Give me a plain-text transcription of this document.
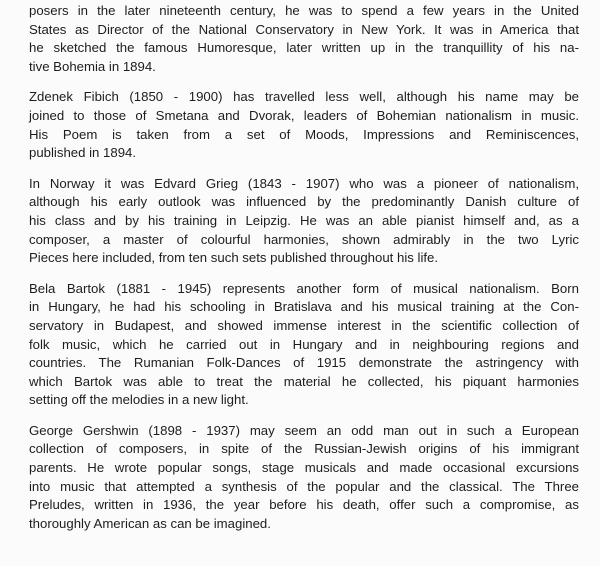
posers in the later nineteenth century, he was to spend a few years in the United
States as Director of the National Conservatory in New York. It was in America that
he sketched the famous Humoresque, later written up in the tranquillity of his na-
tive Bohemia in 1894.

Zdenek Fibich (1850 - 1900) has travelled less well, although his name may be
joined to those of Smetana and Dvorak, leaders of Bohemian nationalism in music.
His Poem is taken from a set of Moods, Impressions and Reminiscences,
published in 1894.

In Norway it was Edvard Grieg (1843 - 1907) who was a pioneer of nationalism,
although his early outlook was influenced by the predominantly Danish culture of
his class and by his training in Leipzig. He was an able pianist himself and, as a
composer, a master of colourful harmonies, shown admirably in the two Lyric
Pieces here included, from ten such sets published throughout his life.

Bela Bartok (1881 - 1945) represents another form of musical nationalism. Born
in Hungary, he had his schooling in Bratislava and his musical training at the Con-
servatory in Budapest, and showed immense interest in the scientific collection of
folk music, which he carried out in Hungary and in neighbouring regions and
countries. The Rumanian Folk-Dances of 1915 demonstrate the astringency with
which Bartok was able to treat the material he collected, his piquant harmonies
setting off the melodies in a new light.

George Gershwin (1898 - 1937) may seem an odd man out in such a European
collection of composers, in spite of the Russian-Jewish origins of his immigrant
parents. He wrote popular songs, stage musicals and made occasional excursions
into music that attempted a synthesis of the popular and the classical. The Three
Preludes, written in 1936, the year before his death, offer such a compromise, as
thoroughly American as can be imagined.
